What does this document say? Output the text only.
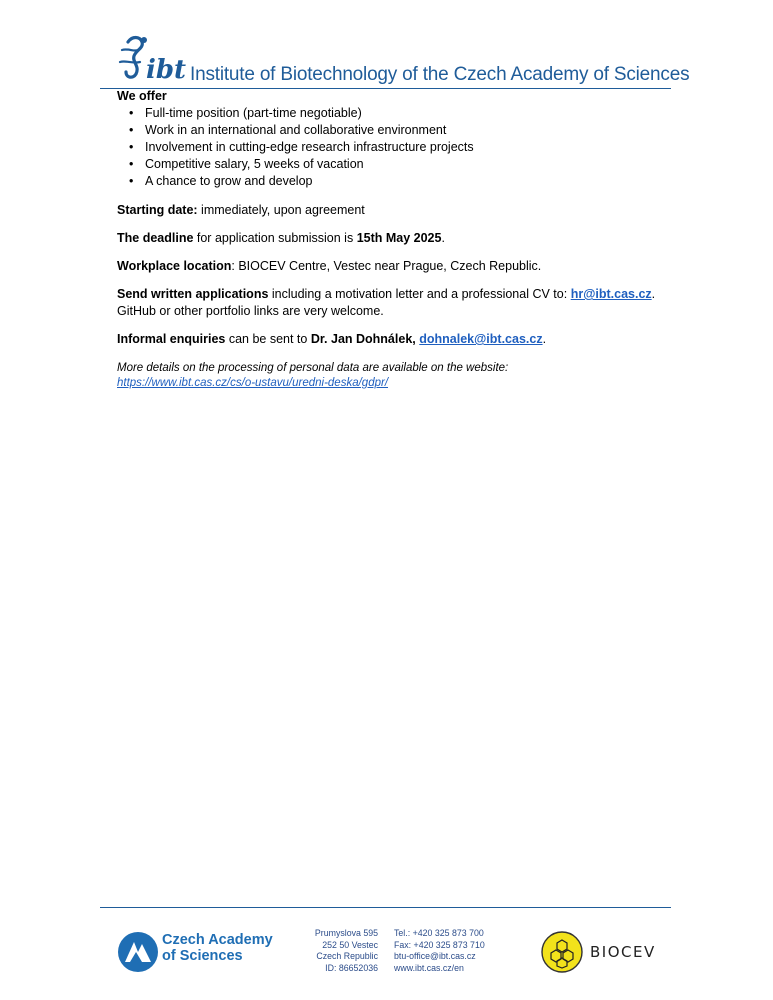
ibt Institute of Biotechnology of the Czech Academy of Sciences

We offer

• Full-time position (part-time negotiable)
• Work in an international and collaborative environment
• Involvement in cutting-edge research infrastructure projects
• Competitive salary, 5 weeks of vacation
• A chance to grow and develop

Starting date: immediately, upon agreement

The deadline for application submission is 15th May 2025.

Workplace location: BIOCEV Centre, Vestec near Prague, Czech Republic.

Send written applications including a motivation letter and a professional CV to: hr@ibt.cas.cz.
GitHub or other portfolio links are very welcome.

Informal enquiries can be sent to Dr. Jan Dohnálek, dohnalek@ibt.cas.cz.

More details on the processing of personal data are available on the website:
https://www.ibt.cas.cz/cs/o-ustavu/uredni-deska/gdpr/

Czech Academy
of Sciences
Prumyslova 595
252 50 Vestec
Czech Republic
ID: 86652036
Tel.: +420 325 873 700
Fax: +420 325 873 710
btu-office@ibt.cas.cz
www.ibt.cas.cz/en
BIOCEV
